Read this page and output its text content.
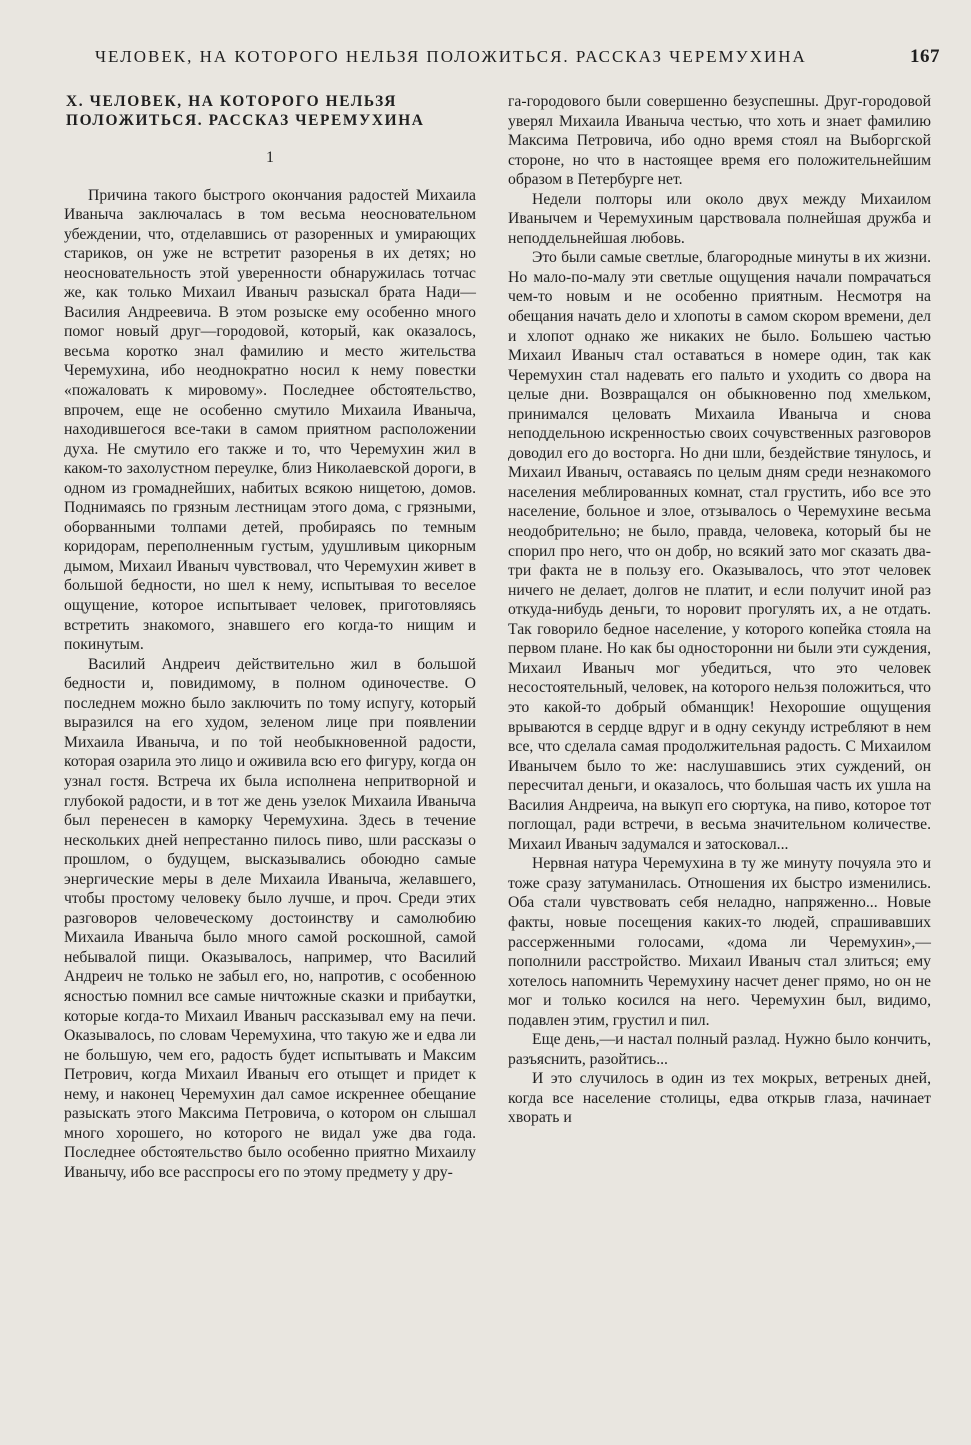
ЧЕЛОВЕК, НА КОТОРОГО НЕЛЬЗЯ ПОЛОЖИТЬСЯ. РАССКАЗ ЧЕРЕМУХИНА	167
X. ЧЕЛОВЕК, НА КОТОРОГО НЕЛЬЗЯ ПОЛОЖИТЬСЯ. РАССКАЗ ЧЕРЕМУХИНА
1

Причина такого быстрого окончания радостей Михаила Иваныча заключалась в том весьма неосновательном убеждении, что, отделавшись от разоренных и умирающих стариков, он уже не встретит разоренья в их детях; но неосновательность этой уверенности обнаружилась тотчас же, как только Михаил Иваныч разыскал брата Нади—Василия Андреевича. В этом розыске ему особенно много помог новый друг—городовой, который, как оказалось, весьма коротко знал фамилию и место жительства Черемухина, ибо неоднократно носил к нему повестки «пожаловать к мировому». Последнее обстоятельство, впрочем, еще не особенно смутило Михаила Иваныча, находившегося все-таки в самом приятном расположении духа. Не смутило его также и то, что Черемухин жил в каком-то захолустном переулке, близ Николаевской дороги, в одном из громаднейших, набитых всякою нищетою, домов. Поднимаясь по грязным лестницам этого дома, с грязными, оборванными толпами детей, пробираясь по темным коридорам, переполненным густым, удушливым цикорным дымом, Михаил Иваныч чувствовал, что Черемухин живет в большой бедности, но шел к нему, испытывая то веселое ощущение, которое испытывает человек, приготовляясь встретить знакомого, знавшего его когда-то нищим и покинутым.

Василий Андреич действительно жил в большой бедности и, повидимому, в полном одиночестве. О последнем можно было заключить по тому испугу, который выразился на его худом, зеленом лице при появлении Михаила Иваныча, и по той необыкновенной радости, которая озарила это лицо и оживила всю его фигуру, когда он узнал гостя. Встреча их была исполнена непритворной и глубокой радости, и в тот же день узелок Михаила Иваныча был перенесен в каморку Черемухина. Здесь в течение нескольких дней непрестанно пилось пиво, шли рассказы о прошлом, о будущем, высказывались обоюдно самые энергические меры в деле Михаила Иваныча, желавшего, чтобы простому человеку было лучше, и проч. Среди этих разговоров человеческому достоинству и самолюбию Михаила Иваныча было много самой роскошной, самой небывалой пищи. Оказывалось, например, что Василий Андреич не только не забыл его, но, напротив, с особенною ясностью помнил все самые ничтожные сказки и прибаутки, которые когда-то Михаил Иваныч рассказывал ему на печи. Оказывалось, по словам Черемухина, что такую же и едва ли не большую, чем его, радость будет испытывать и Максим Петрович, когда Михаил Иваныч его отыщет и придет к нему, и наконец Черемухин дал самое искреннее обещание разыскать этого Максима Петровича, о котором он слышал много хорошего, но которого не видал уже два года. Последнее обстоятельство было особенно приятно Михаилу Иванычу, ибо все расспросы его по этому предмету у дру-

га-городового были совершенно безуспешны. Друг-городовой уверял Михаила Иваныча честью, что хоть и знает фамилию Максима Петровича, ибо одно время стоял на Выборгской стороне, но что в настоящее время его положительнейшим образом в Петербурге нет.

Недели полторы или около двух между Михаилом Иванычем и Черемухиным царствовала полнейшая дружба и неподдельнейшая любовь.

Это были самые светлые, благородные минуты в их жизни. Но мало-по-малу эти светлые ощущения начали помрачаться чем-то новым и не особенно приятным. Несмотря на обещания начать дело и хлопоты в самом скором времени, дел и хлопот однако же никаких не было. Большею частью Михаил Иваныч стал оставаться в номере один, так как Черемухин стал надевать его пальто и уходить со двора на целые дни. Возвращался он обыкновенно под хмельком, принимался целовать Михаила Иваныча и снова неподдельною искренностью своих сочувственных разговоров доводил его до восторга. Но дни шли, бездействие тянулось, и Михаил Иваныч, оставаясь по целым дням среди незнакомого населения меблированных комнат, стал грустить, ибо все это население, больное и злое, отзывалось о Черемухине весьма неодобрительно; не было, правда, человека, который бы не спорил про него, что он добр, но всякий зато мог сказать два-три факта не в пользу его. Оказывалось, что этот человек ничего не делает, долгов не платит, и если получит иной раз откуда-нибудь деньги, то норовит прогулять их, а не отдать. Так говорило бедное население, у которого копейка стояла на первом плане. Но как бы односторонни ни были эти суждения, Михаил Иваныч мог убедиться, что это человек несостоятельный, человек, на которого нельзя положиться, что это какой-то добрый обманщик! Нехорошие ощущения врываются в сердце вдруг и в одну секунду истребляют в нем все, что сделала самая продолжительная радость. С Михаилом Иванычем было то же: наслушавшись этих суждений, он пересчитал деньги, и оказалось, что большая часть их ушла на Василия Андреича, на выкуп его сюртука, на пиво, которое тот поглощал, ради встречи, в весьма значительном количестве. Михаил Иваныч задумался и затосковал...

Нервная натура Черемухина в ту же минуту почуяла это и тоже сразу затуманилась. Отношения их быстро изменились. Оба стали чувствовать себя неладно, напряженно... Новые факты, новые посещения каких-то людей, спрашивавших рассерженными голосами, «дома ли Черемухин»,— пополнили расстройство. Михаил Иваныч стал злиться; ему хотелось напомнить Черемухину насчет денег прямо, но он не мог и только косился на него. Черемухин был, видимо, подавлен этим, грустил и пил.

Еще день,—и настал полный разлад. Нужно было кончить, разъяснить, разойтись...

И это случилось в один из тех мокрых, ветреных дней, когда все население столицы, едва открыв глаза, начинает хворать и
